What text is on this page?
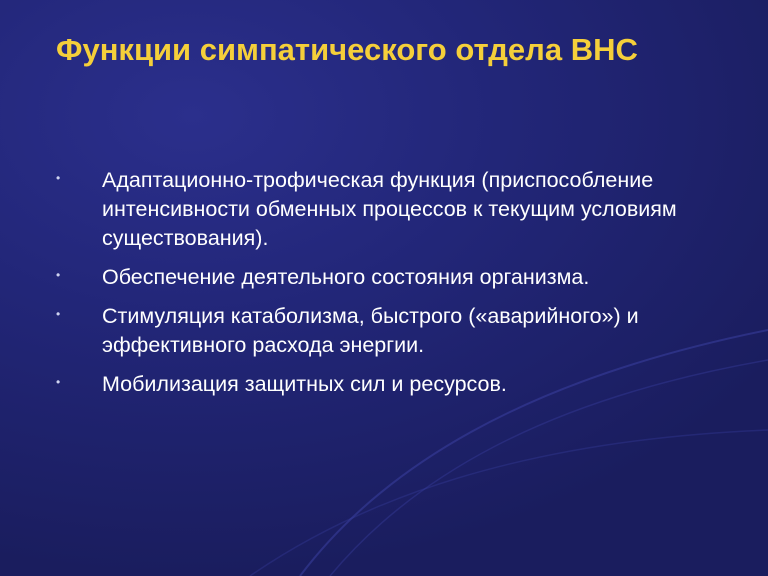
Функции симпатического отдела ВНС
• Адаптационно-трофическая функция (приспособление интенсивности обменных процессов к текущим условиям существования).
• Обеспечение деятельного состояния организма.
• Стимуляция катаболизма, быстрого («аварийного») и эффективного расхода энергии.
• Мобилизация защитных сил и ресурсов.
